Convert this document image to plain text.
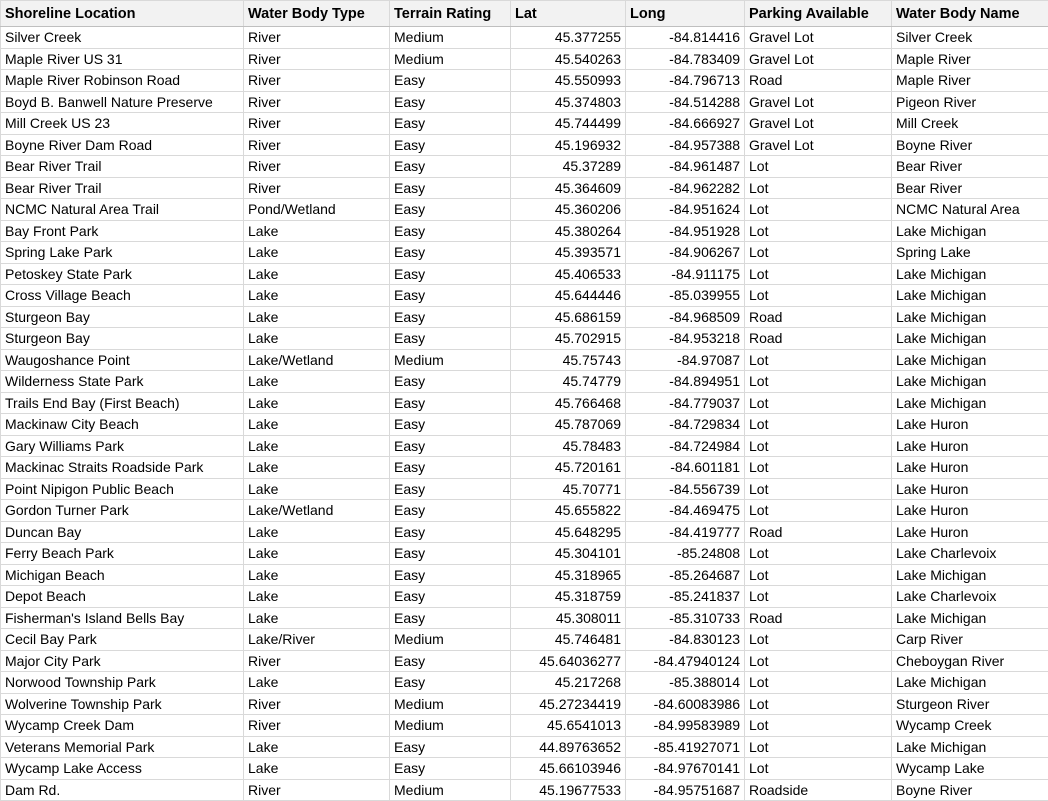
Shoreline Location	Water Body Type	Terrain Rating	Lat	Long	Parking Available	Water Body Name
Silver Creek	River	Medium	45.377255	-84.814416	Gravel Lot	Silver Creek
Maple River US 31	River	Medium	45.540263	-84.783409	Gravel Lot	Maple River
Maple River Robinson Road	River	Easy	45.550993	-84.796713	Road	Maple River
Boyd B. Banwell Nature Preserve	River	Easy	45.374803	-84.514288	Gravel Lot	Pigeon River
Mill Creek US 23	River	Easy	45.744499	-84.666927	Gravel Lot	Mill Creek
Boyne River Dam Road	River	Easy	45.196932	-84.957388	Gravel Lot	Boyne River
Bear River Trail	River	Easy	45.37289	-84.961487	Lot	Bear River
Bear River Trail	River	Easy	45.364609	-84.962282	Lot	Bear River
NCMC Natural Area Trail	Pond/Wetland	Easy	45.360206	-84.951624	Lot	NCMC Natural Area
Bay Front Park	Lake	Easy	45.380264	-84.951928	Lot	Lake Michigan
Spring Lake Park	Lake	Easy	45.393571	-84.906267	Lot	Spring Lake
Petoskey State Park	Lake	Easy	45.406533	-84.911175	Lot	Lake Michigan
Cross Village Beach	Lake	Easy	45.644446	-85.039955	Lot	Lake Michigan
Sturgeon Bay	Lake	Easy	45.686159	-84.968509	Road	Lake Michigan
Sturgeon Bay	Lake	Easy	45.702915	-84.953218	Road	Lake Michigan
Waugoshance Point	Lake/Wetland	Medium	45.75743	-84.97087	Lot	Lake Michigan
Wilderness State Park	Lake	Easy	45.74779	-84.894951	Lot	Lake Michigan
Trails End Bay (First Beach)	Lake	Easy	45.766468	-84.779037	Lot	Lake Michigan
Mackinaw City Beach	Lake	Easy	45.787069	-84.729834	Lot	Lake Huron
Gary Williams Park	Lake	Easy	45.78483	-84.724984	Lot	Lake Huron
Mackinac Straits Roadside Park	Lake	Easy	45.720161	-84.601181	Lot	Lake Huron
Point Nipigon Public Beach	Lake	Easy	45.70771	-84.556739	Lot	Lake Huron
Gordon Turner Park	Lake/Wetland	Easy	45.655822	-84.469475	Lot	Lake Huron
Duncan Bay	Lake	Easy	45.648295	-84.419777	Road	Lake Huron
Ferry Beach Park	Lake	Easy	45.304101	-85.24808	Lot	Lake Charlevoix
Michigan Beach	Lake	Easy	45.318965	-85.264687	Lot	Lake Michigan
Depot Beach	Lake	Easy	45.318759	-85.241837	Lot	Lake Charlevoix
Fisherman's Island Bells Bay	Lake	Easy	45.308011	-85.310733	Road	Lake Michigan
Cecil Bay Park	Lake/River	Medium	45.746481	-84.830123	Lot	Carp River
Major City Park	River	Easy	45.64036277	-84.47940124	Lot	Cheboygan River
Norwood Township Park	Lake	Easy	45.217268	-85.388014	Lot	Lake Michigan
Wolverine Township Park	River	Medium	45.27234419	-84.60083986	Lot	Sturgeon River
Wycamp Creek Dam	River	Medium	45.6541013	-84.99583989	Lot	Wycamp Creek
Veterans Memorial Park	Lake	Easy	44.89763652	-85.41927071	Lot	Lake Michigan
Wycamp Lake Access	Lake	Easy	45.66103946	-84.97670141	Lot	Wycamp Lake
Dam Rd.	River	Medium	45.19677533	-84.95751687	Roadside	Boyne River
